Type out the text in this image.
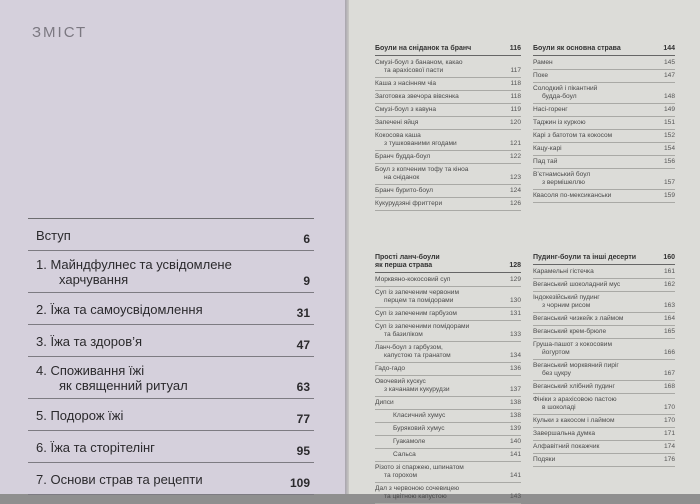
ЗМІСТ
Вступ	6
1. Майндфулнес та усвідомлене
харчування	9
2. Їжа та самоусвідомлення	31
3. Їжа та здоров’я	47
4. Споживання їжі
як священний ритуал	63
5. Подорож їжі	77
6. Їжа та сторітелінг	95
7. Основи страв та рецепти	109
Боули на сніданок та бранч	116
Смузі-боул з бананом, какао
та арахісової пасти	117
Каша з насінням чіа	118
Заготовка звечора вівсянка	118
Смузі-боул з кавуна	119
Запечені яйця	120
Кокосова каша
з тушкованими ягодами	121
Бранч будда-боул	122
Боул з копченим тофу та кіноа
на сніданок	123
Бранч бурито-боул	124
Кукурудзяні фриттери	126
Боули як основна страва	144
Рамен	145
Поке	147
Солодкий і пікантний
будда-боул	148
Насі-горенг	149
Таджин із куркою	151
Карі з батотом та кокосом	152
Кацу-карі	154
Пад тай	156
В’єтнамський боул
з вермішеллю	157
Квасоля по-мексиканськи	159
Прості ланч-боули
як перша страва	128
Морквяно-кокосовий суп	129
Суп із запеченим червоним
перцем та помідорами	130
Суп із запеченим гарбузом	131
Суп із запеченими помідорами
та базиліком	133
Ланч-боул з гарбузом,
капустою та гранатом	134
Гадо-гадо	136
Овочевий кускус
з качанами кукурудзи	137
Дипси	138
Класичний хумус	138
Буряковий хумус	139
Гуакамоле	140
Сальса	141
Різото зі спаржею, шпинатом
та горохом	141
Дал з червоною сочевицею
та цвітною капустою	143
Пудинг-боули та інші десерти	160
Карамельні гістечка	161
Веганський шоколадний мус	162
Індокезійський пудинг
з чорним рисом	163
Веганський чизкейк з лаймом	164
Веганський крем-брюле	165
Груша-пашот з кокосовим
йогуртом	166
Веганський морквяний пиріг
без цукру	167
Веганський хлібний пудинг	168
Фініки з арахісовою пастою
в шоколаді	170
Кульки з какосом і лаймом	170
Завершальна думка	171
Алфавітний покажчик	174
Подяки	176
